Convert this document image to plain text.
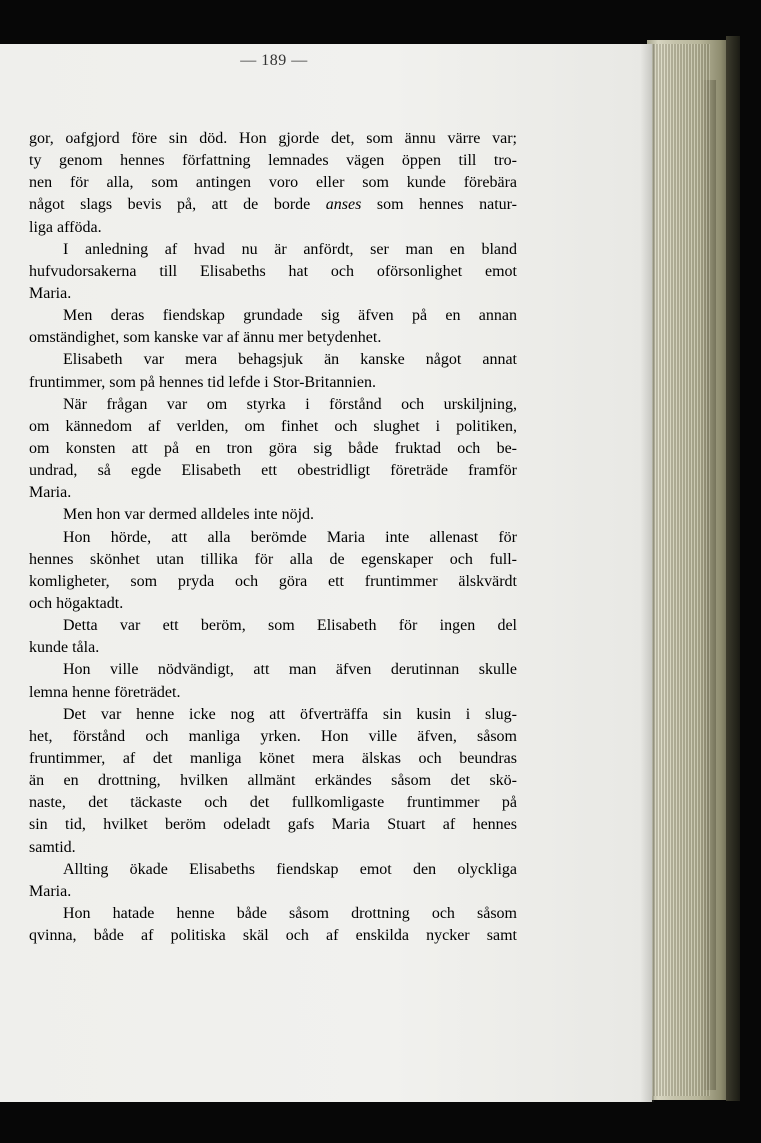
— 189 —
gor, oafgjord före sin död. Hon gjorde det, som ännu värre var;
ty genom hennes författning lemnades vägen öppen till tro-
nen för alla, som antingen voro eller som kunde förebära
något slags bevis på, att de borde anses som hennes natur-
liga afföda.
I anledning af hvad nu är anfördt, ser man en bland
hufvudorsakerna till Elisabeths hat och oförsonlighet emot
Maria.
Men deras fiendskap grundade sig äfven på en annan
omständighet, som kanske var af ännu mer betydenhet.
Elisabeth var mera behagsjuk än kanske något annat
fruntimmer, som på hennes tid lefde i Stor-Britannien.
När frågan var om styrka i förstånd och urskiljning,
om kännedom af verlden, om finhet och slughet i politiken,
om konsten att på en tron göra sig både fruktad och be-
undrad, så egde Elisabeth ett obestridligt företräde framför
Maria.
Men hon var dermed alldeles inte nöjd.
Hon hörde, att alla berömde Maria inte allenast för
hennes skönhet utan tillika för alla de egenskaper och full-
komligheter, som pryda och göra ett fruntimmer älskvärdt
och högaktadt.
Detta var ett beröm, som Elisabeth för ingen del
kunde tåla.
Hon ville nödvändigt, att man äfven derutinnan skulle
lemna henne företrädet.
Det var henne icke nog att öfverträffa sin kusin i slug-
het, förstånd och manliga yrken. Hon ville äfven, såsom
fruntimmer, af det manliga könet mera älskas och beundras
än en drottning, hvilken allmänt erkändes såsom det skö-
naste, det täckaste och det fullkomligaste fruntimmer på
sin tid, hvilket beröm odeladt gafs Maria Stuart af hennes
samtid.
Allting ökade Elisabeths fiendskap emot den olyckliga
Maria.
Hon hatade henne både såsom drottning och såsom
qvinna, både af politiska skäl och af enskilda nycker samt
